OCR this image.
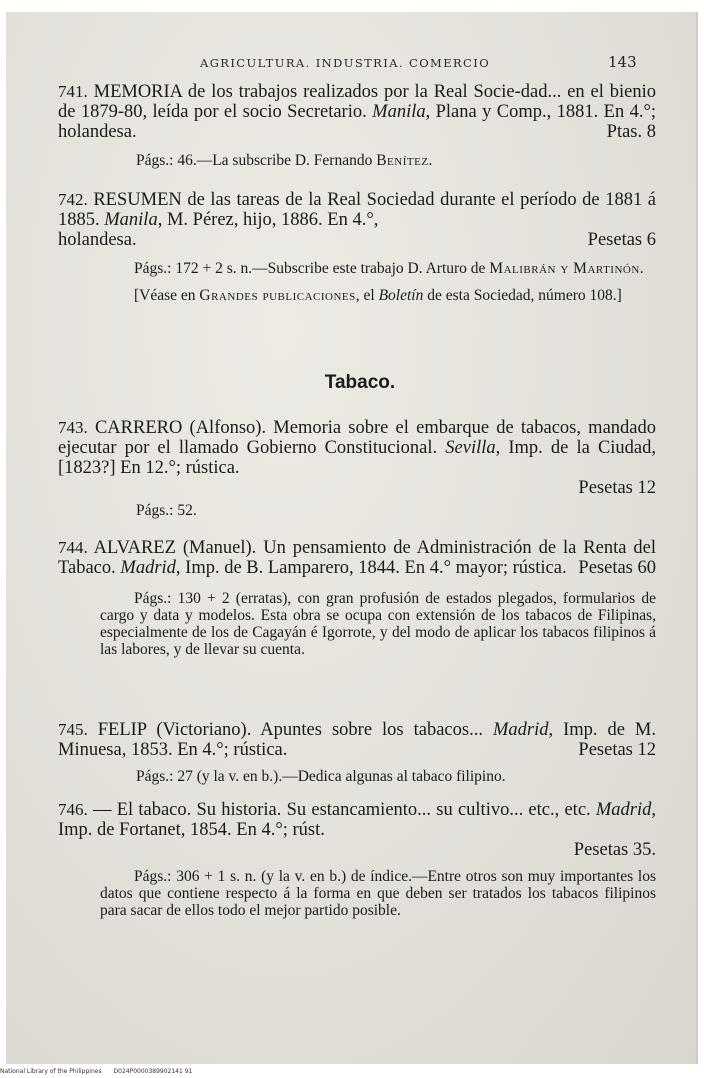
AGRICULTURA. INDUSTRIA. COMERCIO	143
741. MEMORIA de los trabajos realizados por la Real Socie-dad... en el bienio de 1879-80, leída por el socio Secretario. Manila, Plana y Comp., 1881. En 4.°; holandesa.	Ptas. 8
Págs.: 46.—La subscribe D. Fernando Benítez.
742. RESUMEN de las tareas de la Real Sociedad durante el período de 1881 á 1885. Manila, M. Pérez, hijo, 1886. En 4.°,
holandesa.	Pesetas 6
Págs.: 172 + 2 s. n.—Subscribe este trabajo D. Arturo de Malibrán y Martinón.
[Véase en Grandes publicaciones, el Boletín de esta Sociedad, número 108.]
Tabaco.
743. CARRERO (Alfonso). Memoria sobre el embarque de tabacos, mandado ejecutar por el llamado Gobierno Constitucional. Sevilla, Imp. de la Ciudad, [1823?] En 12.°; rústica.
Pesetas 12
Págs.: 52.
744. ALVAREZ (Manuel). Un pensamiento de Administración de la Renta del Tabaco. Madrid, Imp. de B. Lamparero, 1844. En 4.° mayor; rústica. Pesetas 60
Págs.: 130 + 2 (erratas), con gran profusión de estados plegados, formularios de cargo y data y modelos. Esta obra se ocupa con extensión de los tabacos de Filipinas, especialmente de los de Cagayán é Igorrote, y del modo de aplicar los tabacos filipinos á las labores, y de llevar su cuenta.
745. FELIP (Victoriano). Apuntes sobre los tabacos... Madrid, Imp. de M. Minuesa, 1853. En 4.°; rústica.	Pesetas 12
Págs.: 27 (y la v. en b.).—Dedica algunas al tabaco filipino.
746. — El tabaco. Su historia. Su estancamiento... su cultivo... etc., etc. Madrid, Imp. de Fortanet, 1854. En 4.°; rúst.
Pesetas 35.
Págs.: 306 + 1 s. n. (y la v. en b.) de índice.—Entre otros son muy importantes los datos que contiene respecto á la forma en que deben ser tratados los tabacos filipinos para sacar de ellos todo el mejor partido posible.
National Library of the Philippines D024P0000389902141 91
